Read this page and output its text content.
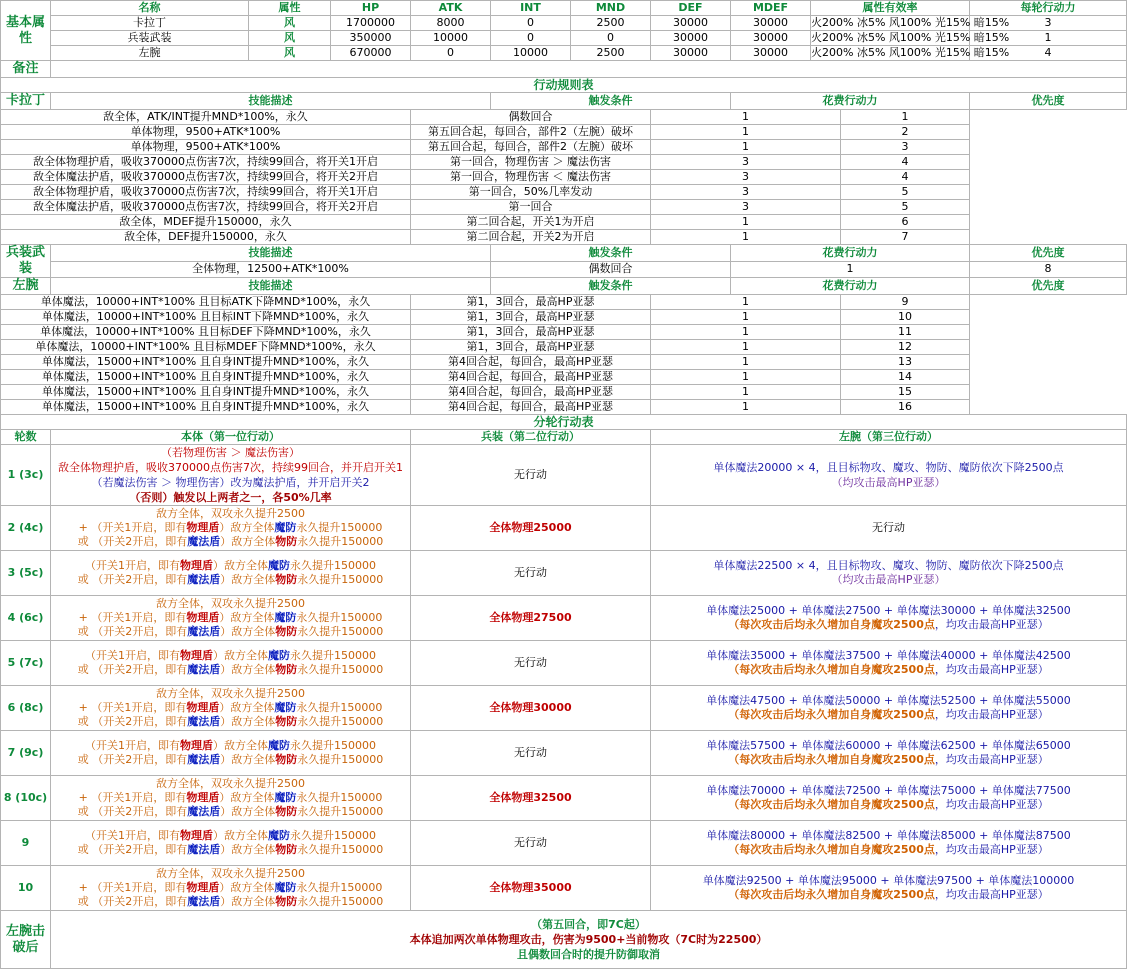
基本属性	名称	属性	HP	ATK	INT	MND	DEF	MDEF	属性有效率		每轮行动力
	卡拉丁	风	1700000	8000	0	2500	30000	30000	火200% 冰5% 风100% 光15% 暗15%		3
	兵装武装	风	350000	10000	0	0	30000	30000	火200% 冰5% 风100% 光15% 暗15%		1
	左腕	风	670000	0	10000	2500	30000	30000	火200% 冰5% 风100% 光15% 暗15%		4
备注											
行动规则表											
卡拉丁	技能描述				触发条件			花费行动力			优先度
敌全体，ATK/INT提升MND*100%，永久				偶数回合			1			1	
单体物理，9500+ATK*100%				第五回合起，每回合，部件2（左腕）破坏			1			2	
单体物理，9500+ATK*100%				第五回合起，每回合，部件2（左腕）破坏			1			3	
敌全体物理护盾，吸收370000点伤害7次，持续99回合，将开关1开启				第一回合，物理伤害 ＞ 魔法伤害			3			4	
敌全体魔法护盾，吸收370000点伤害7次，持续99回合，将开关2开启				第一回合，物理伤害 ＜ 魔法伤害			3			4	
敌全体物理护盾，吸收370000点伤害7次，持续99回合，将开关1开启				第一回合，50%几率发动			3			5	
敌全体魔法护盾，吸收370000点伤害7次，持续99回合，将开关2开启				第一回合			3			5	
敌全体，MDEF提升150000，永久				第二回合起，开关1为开启			1			6	
敌全体，DEF提升150000，永久				第二回合起，开关2为开启			1			7	
兵装武装	技能描述				触发条件			花费行动力			优先度
	全体物理，12500+ATK*100%				偶数回合			1			8
左腕	技能描述				触发条件			花费行动力			优先度
单体魔法，10000+INT*100% 且目标ATK下降MND*100%，永久				第1，3回合，最高HP亚瑟			1			9	
单体魔法，10000+INT*100% 且目标INT下降MND*100%，永久				第1，3回合，最高HP亚瑟			1			10	
单体魔法，10000+INT*100% 且目标DEF下降MND*100%，永久				第1，3回合，最高HP亚瑟			1			11	
单体魔法，10000+INT*100% 且目标MDEF下降MND*100%，永久				第1，3回合，最高HP亚瑟			1			12	
单体魔法，15000+INT*100% 且自身INT提升MND*100%，永久				第4回合起，每回合，最高HP亚瑟			1			13	
单体魔法，15000+INT*100% 且自身INT提升MND*100%，永久				第4回合起，每回合，最高HP亚瑟			1			14	
单体魔法，15000+INT*100% 且自身INT提升MND*100%，永久				第4回合起，每回合，最高HP亚瑟			1			15	
单体魔法，15000+INT*100% 且自身INT提升MND*100%，永久				第4回合起，每回合，最高HP亚瑟			1			16	
分轮行动表											
轮数	本体（第一位行动）			兵装（第二位行动）			左腕（第三位行动）				
1 (3c)	（若物理伤害 ＞ 魔法伤害）
敌全体物理护盾，吸收370000点伤害7次，持续99回合，并开启开关1
（若魔法伤害 ＞ 物理伤害）改为魔法护盾，并开启开关2
（否则）触发以上两者之一，各50%几率			无行动			单体魔法20000 × 4，且目标物攻、魔攻、物防、魔防依次下降2500点
（均攻击最高HP亚瑟）				

2 (4c)	敌方全体，双攻永久提升2500
+ （开关1开启，即有物理盾）敌方全体魔防永久提升150000
或 （开关2开启，即有魔法盾）敌方全体物防永久提升150000			全体物理25000			无行动				
3 (5c)	（开关1开启，即有物理盾）敌方全体魔防永久提升150000
或 （开关2开启，即有魔法盾）敌方全体物防永久提升150000			无行动			单体魔法22500 × 4，且目标物攻、魔攻、物防、魔防依次下降2500点
（均攻击最高HP亚瑟）				

4 (6c)	敌方全体，双攻永久提升2500
+ （开关1开启，即有物理盾）敌方全体魔防永久提升150000
或 （开关2开启，即有魔法盾）敌方全体物防永久提升150000			全体物理27500			单体魔法25000 + 单体魔法27500 + 单体魔法30000 + 单体魔法32500
（每次攻击后均永久增加自身魔攻2500点，均攻击最高HP亚瑟）				

5 (7c)	（开关1开启，即有物理盾）敌方全体魔防永久提升150000
或 （开关2开启，即有魔法盾）敌方全体物防永久提升150000			无行动			单体魔法35000 + 单体魔法37500 + 单体魔法40000 + 单体魔法42500
（每次攻击后均永久增加自身魔攻2500点，均攻击最高HP亚瑟）				

6 (8c)	敌方全体，双攻永久提升2500
+ （开关1开启，即有物理盾）敌方全体魔防永久提升150000
或 （开关2开启，即有魔法盾）敌方全体物防永久提升150000			全体物理30000			单体魔法47500 + 单体魔法50000 + 单体魔法52500 + 单体魔法55000
（每次攻击后均永久增加自身魔攻2500点，均攻击最高HP亚瑟）				

7 (9c)	（开关1开启，即有物理盾）敌方全体魔防永久提升150000
或 （开关2开启，即有魔法盾）敌方全体物防永久提升150000			无行动			单体魔法57500 + 单体魔法60000 + 单体魔法62500 + 单体魔法65000
（每次攻击后均永久增加自身魔攻2500点，均攻击最高HP亚瑟）				

8 (10c)	敌方全体，双攻永久提升2500
+ （开关1开启，即有物理盾）敌方全体魔防永久提升150000
或 （开关2开启，即有魔法盾）敌方全体物防永久提升150000			全体物理32500			单体魔法70000 + 单体魔法72500 + 单体魔法75000 + 单体魔法77500
（每次攻击后均永久增加自身魔攻2500点，均攻击最高HP亚瑟）				

9	（开关1开启，即有物理盾）敌方全体魔防永久提升150000
或 （开关2开启，即有魔法盾）敌方全体物防永久提升150000			无行动			单体魔法80000 + 单体魔法82500 + 单体魔法85000 + 单体魔法87500
（每次攻击后均永久增加自身魔攻2500点，均攻击最高HP亚瑟）				

10	敌方全体，双攻永久提升2500
+ （开关1开启，即有物理盾）敌方全体魔防永久提升150000
或 （开关2开启，即有魔法盾）敌方全体物防永久提升150000			全体物理35000			单体魔法92500 + 单体魔法95000 + 单体魔法97500 + 单体魔法100000
（每次攻击后均永久增加自身魔攻2500点，均攻击最高HP亚瑟）				

左腕击破后	（第五回合，即7C起）
本体追加两次单体物理攻击，伤害为9500+当前物攻（7C时为22500）
且偶数回合时的提升防御取消										
